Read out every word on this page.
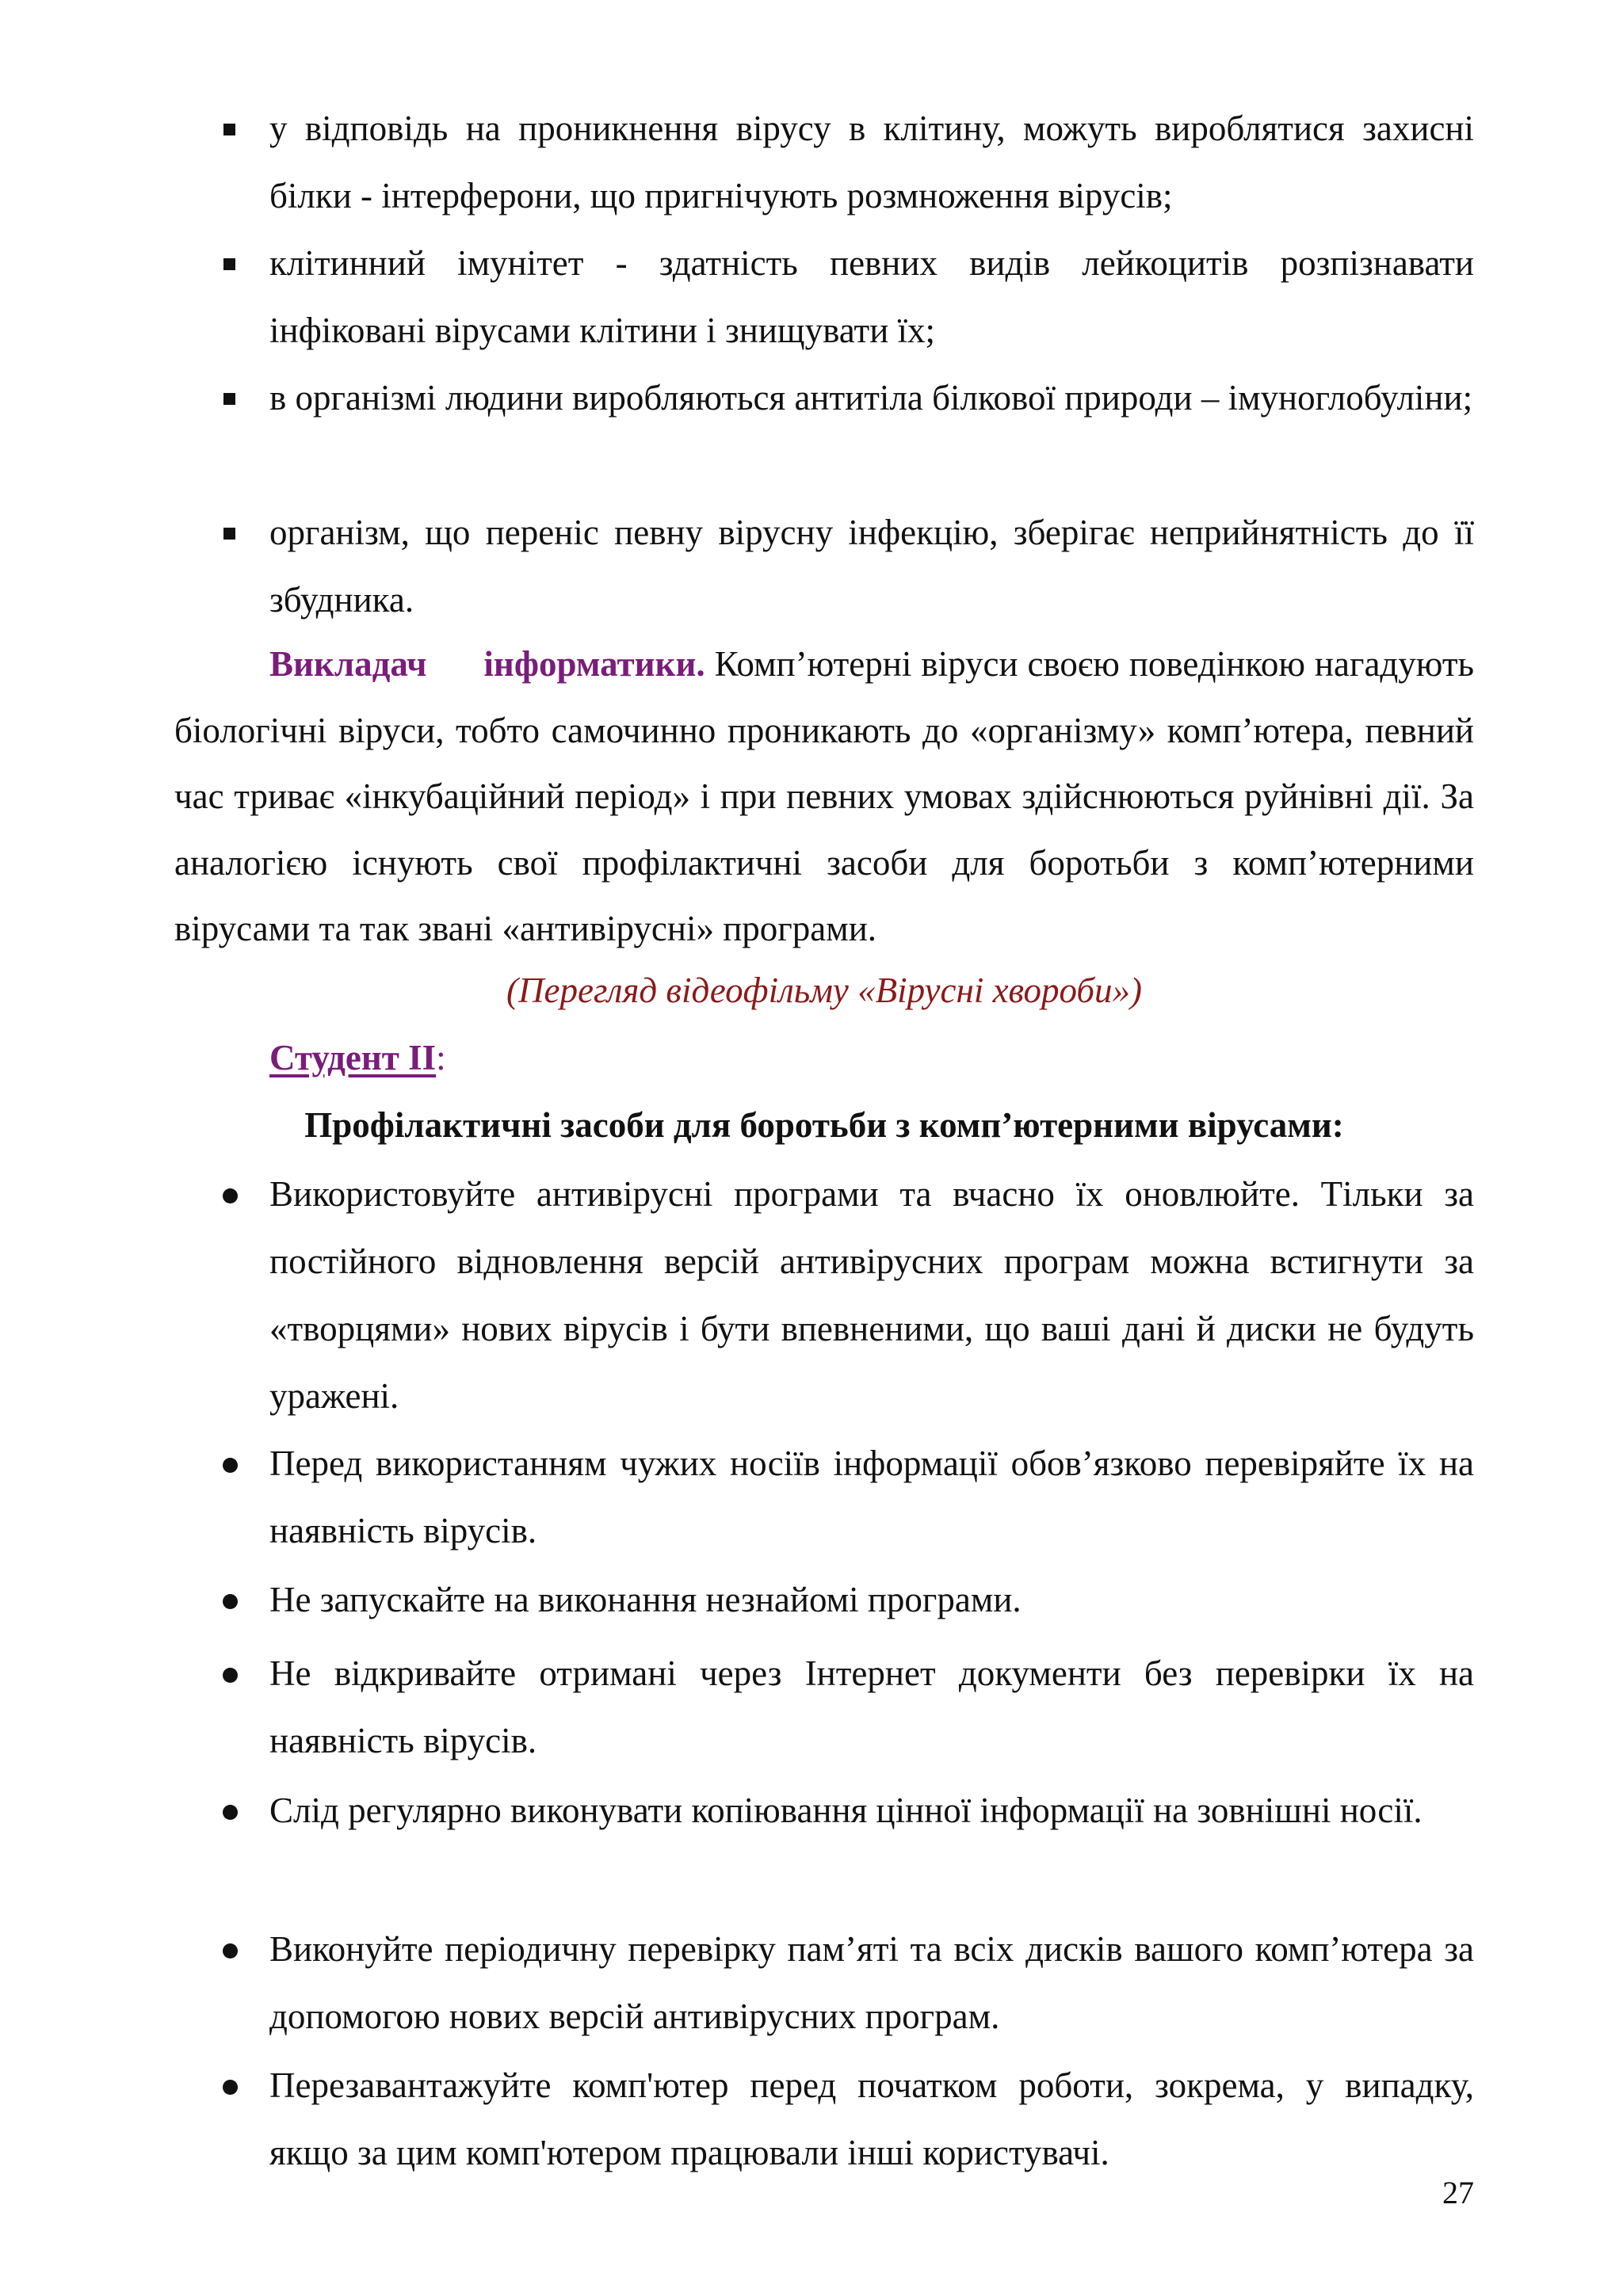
у відповідь на проникнення вірусу в клітину, можуть вироблятися захисні білки - інтерферони, що пригнічують розмноження вірусів;
клітинний імунітет - здатність певних видів лейкоцитів розпізнавати інфіковані вірусами клітини і знищувати їх;
в організмі людини виробляються антитіла білкової природи – імуноглобуліни;
організм, що переніс певну вірусну інфекцію, зберігає неприйнятність до її збудника.
Викладач інформатики. Комп’ютерні віруси своєю поведінкою нагадують біологічні віруси, тобто самочинно проникають до «організму» комп’ютера, певний час триває «інкубаційний період» і при певних умовах здійснюються руйнівні дії. За аналогією існують свої профілактичні засоби для боротьби з комп’ютерними вірусами та так звані «антивірусні» програми.
(Перегляд відеофільму «Вірусні хвороби»)
Студент ІІ:
Профілактичні засоби для боротьби з комп’ютерними вірусами:
Використовуйте антивірусні програми та вчасно їх оновлюйте. Тільки за постійного відновлення версій антивірусних програм можна встигнути за «творцями» нових вірусів і бути впевненими, що ваші дані й диски не будуть уражені.
Перед використанням чужих носіїв інформації обов’язково перевіряйте їх на наявність вірусів.
Не запускайте на виконання незнайомі програми.
Не відкривайте отримані через Інтернет документи без перевірки їх на наявність вірусів.
Слід регулярно виконувати копіювання цінної інформації на зовнішні носії.
Виконуйте періодичну перевірку пам’яті та всіх дисків вашого комп’ютера за допомогою нових версій антивірусних програм.
Перезавантажуйте комп'ютер перед початком роботи, зокрема, у випадку, якщо за цим комп'ютером працювали інші користувачі.
27
